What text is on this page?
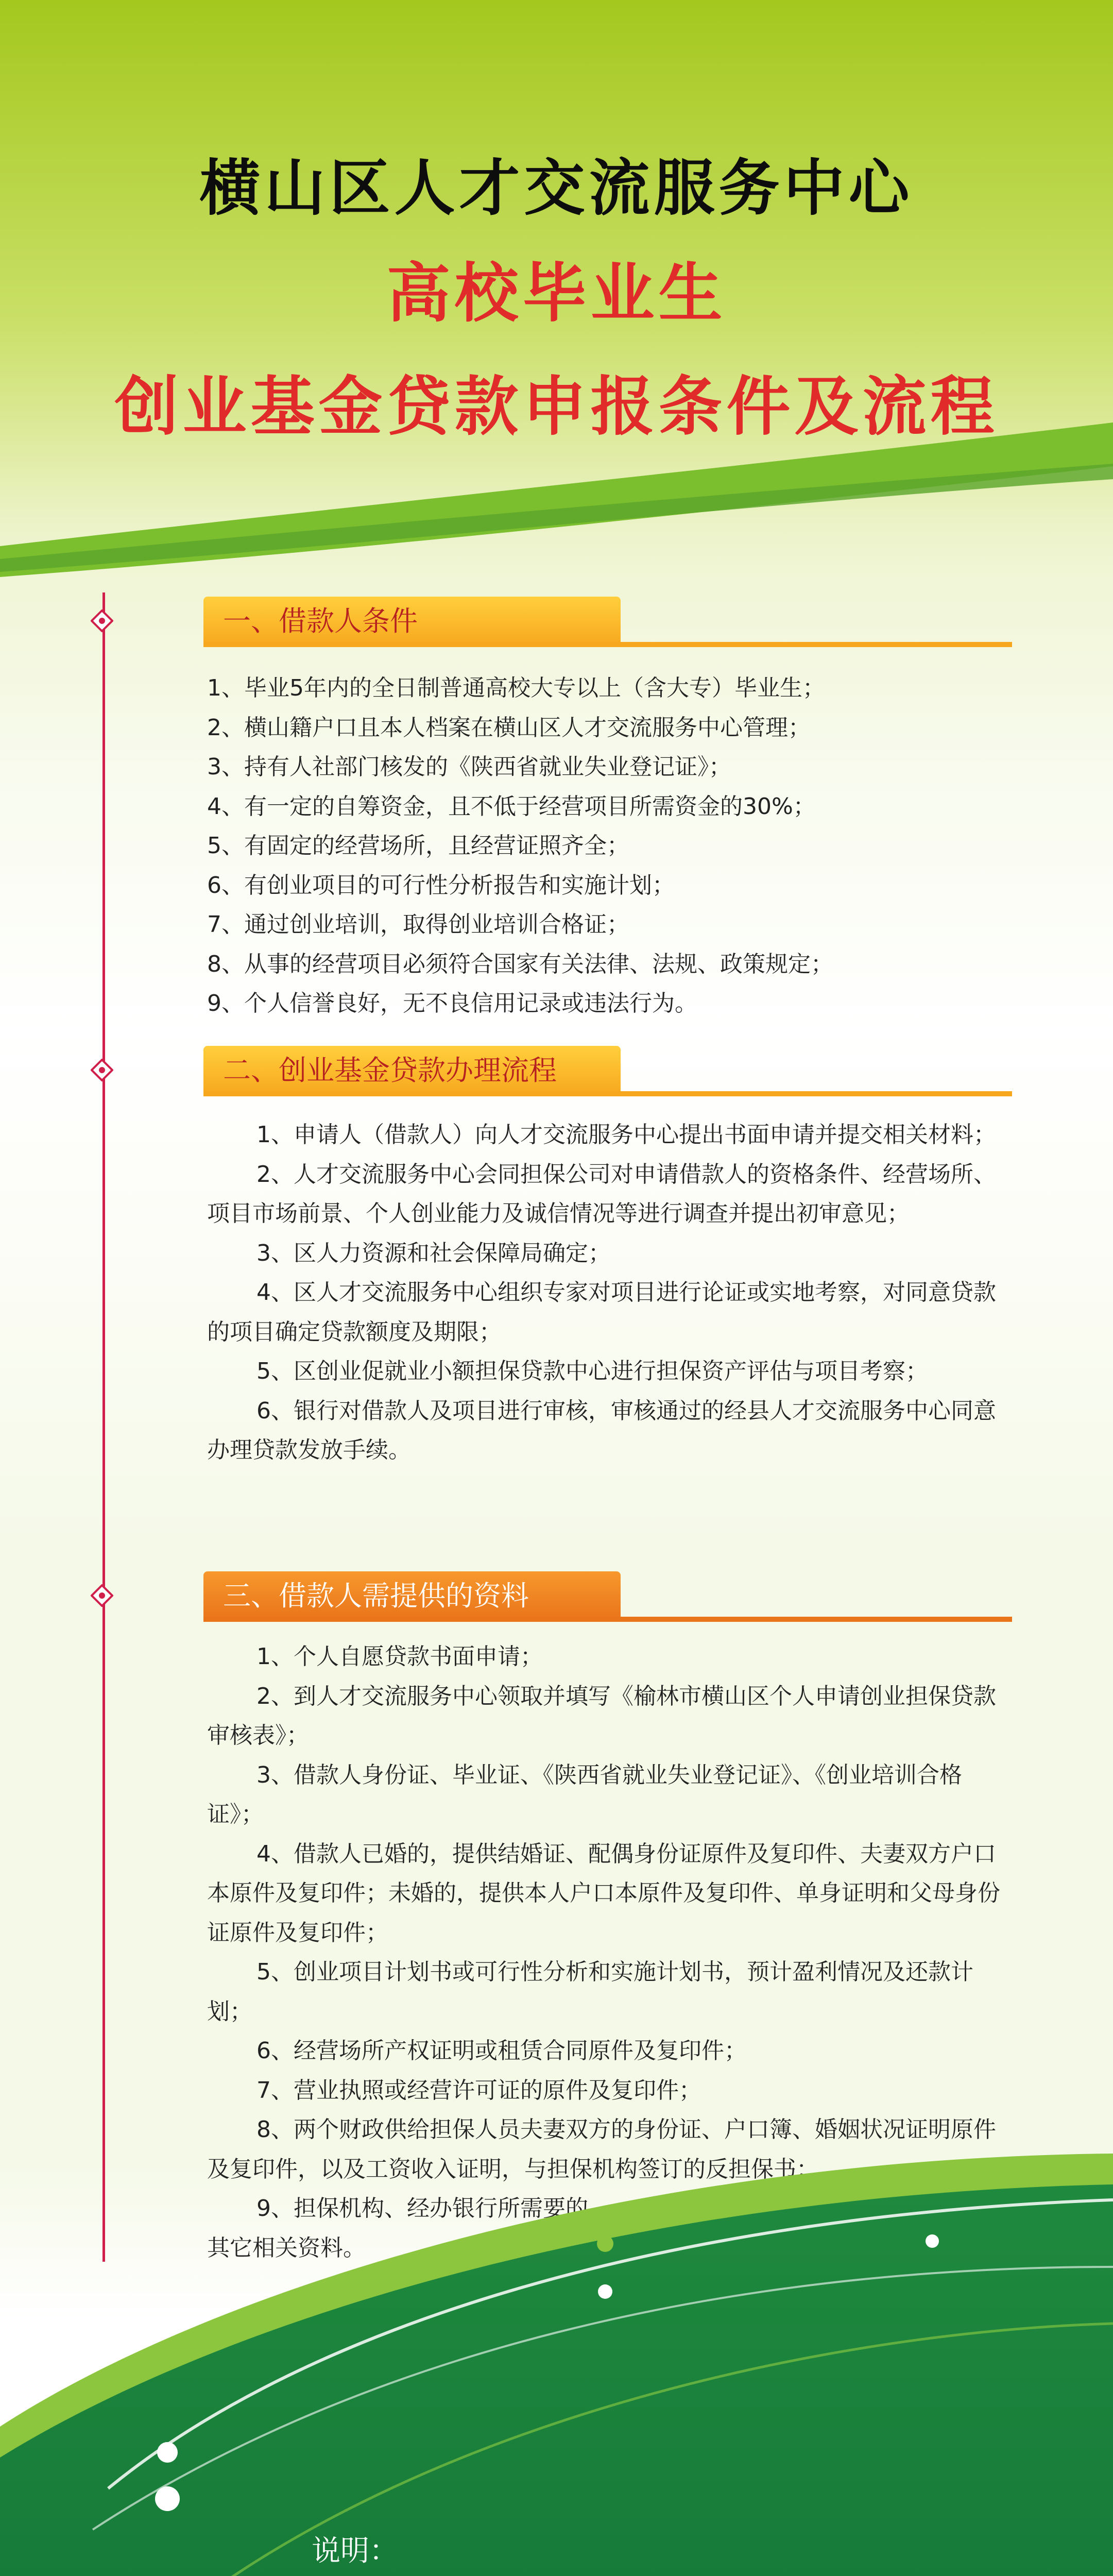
横山区人才交流服务中心
高校毕业生
创业基金贷款申报条件及流程
一、借款人条件

1、毕业5年内的全日制普通高校大专以上（含大专）毕业生；

2、横山籍户口且本人档案在横山区人才交流服务中心管理；

3、持有人社部门核发的《陕西省就业失业登记证》；

4、有一定的自筹资金，且不低于经营项目所需资金的30%；

5、有固定的经营场所，且经营证照齐全；

6、有创业项目的可行性分析报告和实施计划；

7、通过创业培训，取得创业培训合格证；

8、从事的经营项目必须符合国家有关法律、法规、政策规定；

9、个人信誉良好，无不良信用记录或违法行为。

二、创业基金贷款办理流程

1、申请人（借款人）向人才交流服务中心提出书面申请并提交相关材料；

2、人才交流服务中心会同担保公司对申请借款人的资格条件、经营场所、项目市场前景、个人创业能力及诚信情况等进行调查并提出初审意见；

3、区人力资源和社会保障局确定；

4、区人才交流服务中心组织专家对项目进行论证或实地考察，对同意贷款的项目确定贷款额度及期限；

5、区创业促就业小额担保贷款中心进行担保资产评估与项目考察；

6、银行对借款人及项目进行审核，审核通过的经县人才交流服务中心同意办理贷款发放手续。

三、借款人需提供的资料

1、个人自愿贷款书面申请；

2、到人才交流服务中心领取并填写《榆林市横山区个人申请创业担保贷款审核表》；

3、借款人身份证、毕业证、《陕西省就业失业登记证》、《创业培训合格证》；

4、借款人已婚的，提供结婚证、配偶身份证原件及复印件、夫妻双方户口本原件及复印件；未婚的，提供本人户口本原件及复印件、单身证明和父母身份证原件及复印件；

5、创业项目计划书或可行性分析和实施计划书，预计盈利情况及还款计划；

6、经营场所产权证明或租赁合同原件及复印件；

7、营业执照或经营许可证的原件及复印件；

8、两个财政供给担保人员夫妻双方的身份证、户口簿、婚姻状况证明原件及复印件，以及工资收入证明，与担保机构签订的反担保书；

9、担保机构、经办银行所需要的

其它相关资料。

说明：
